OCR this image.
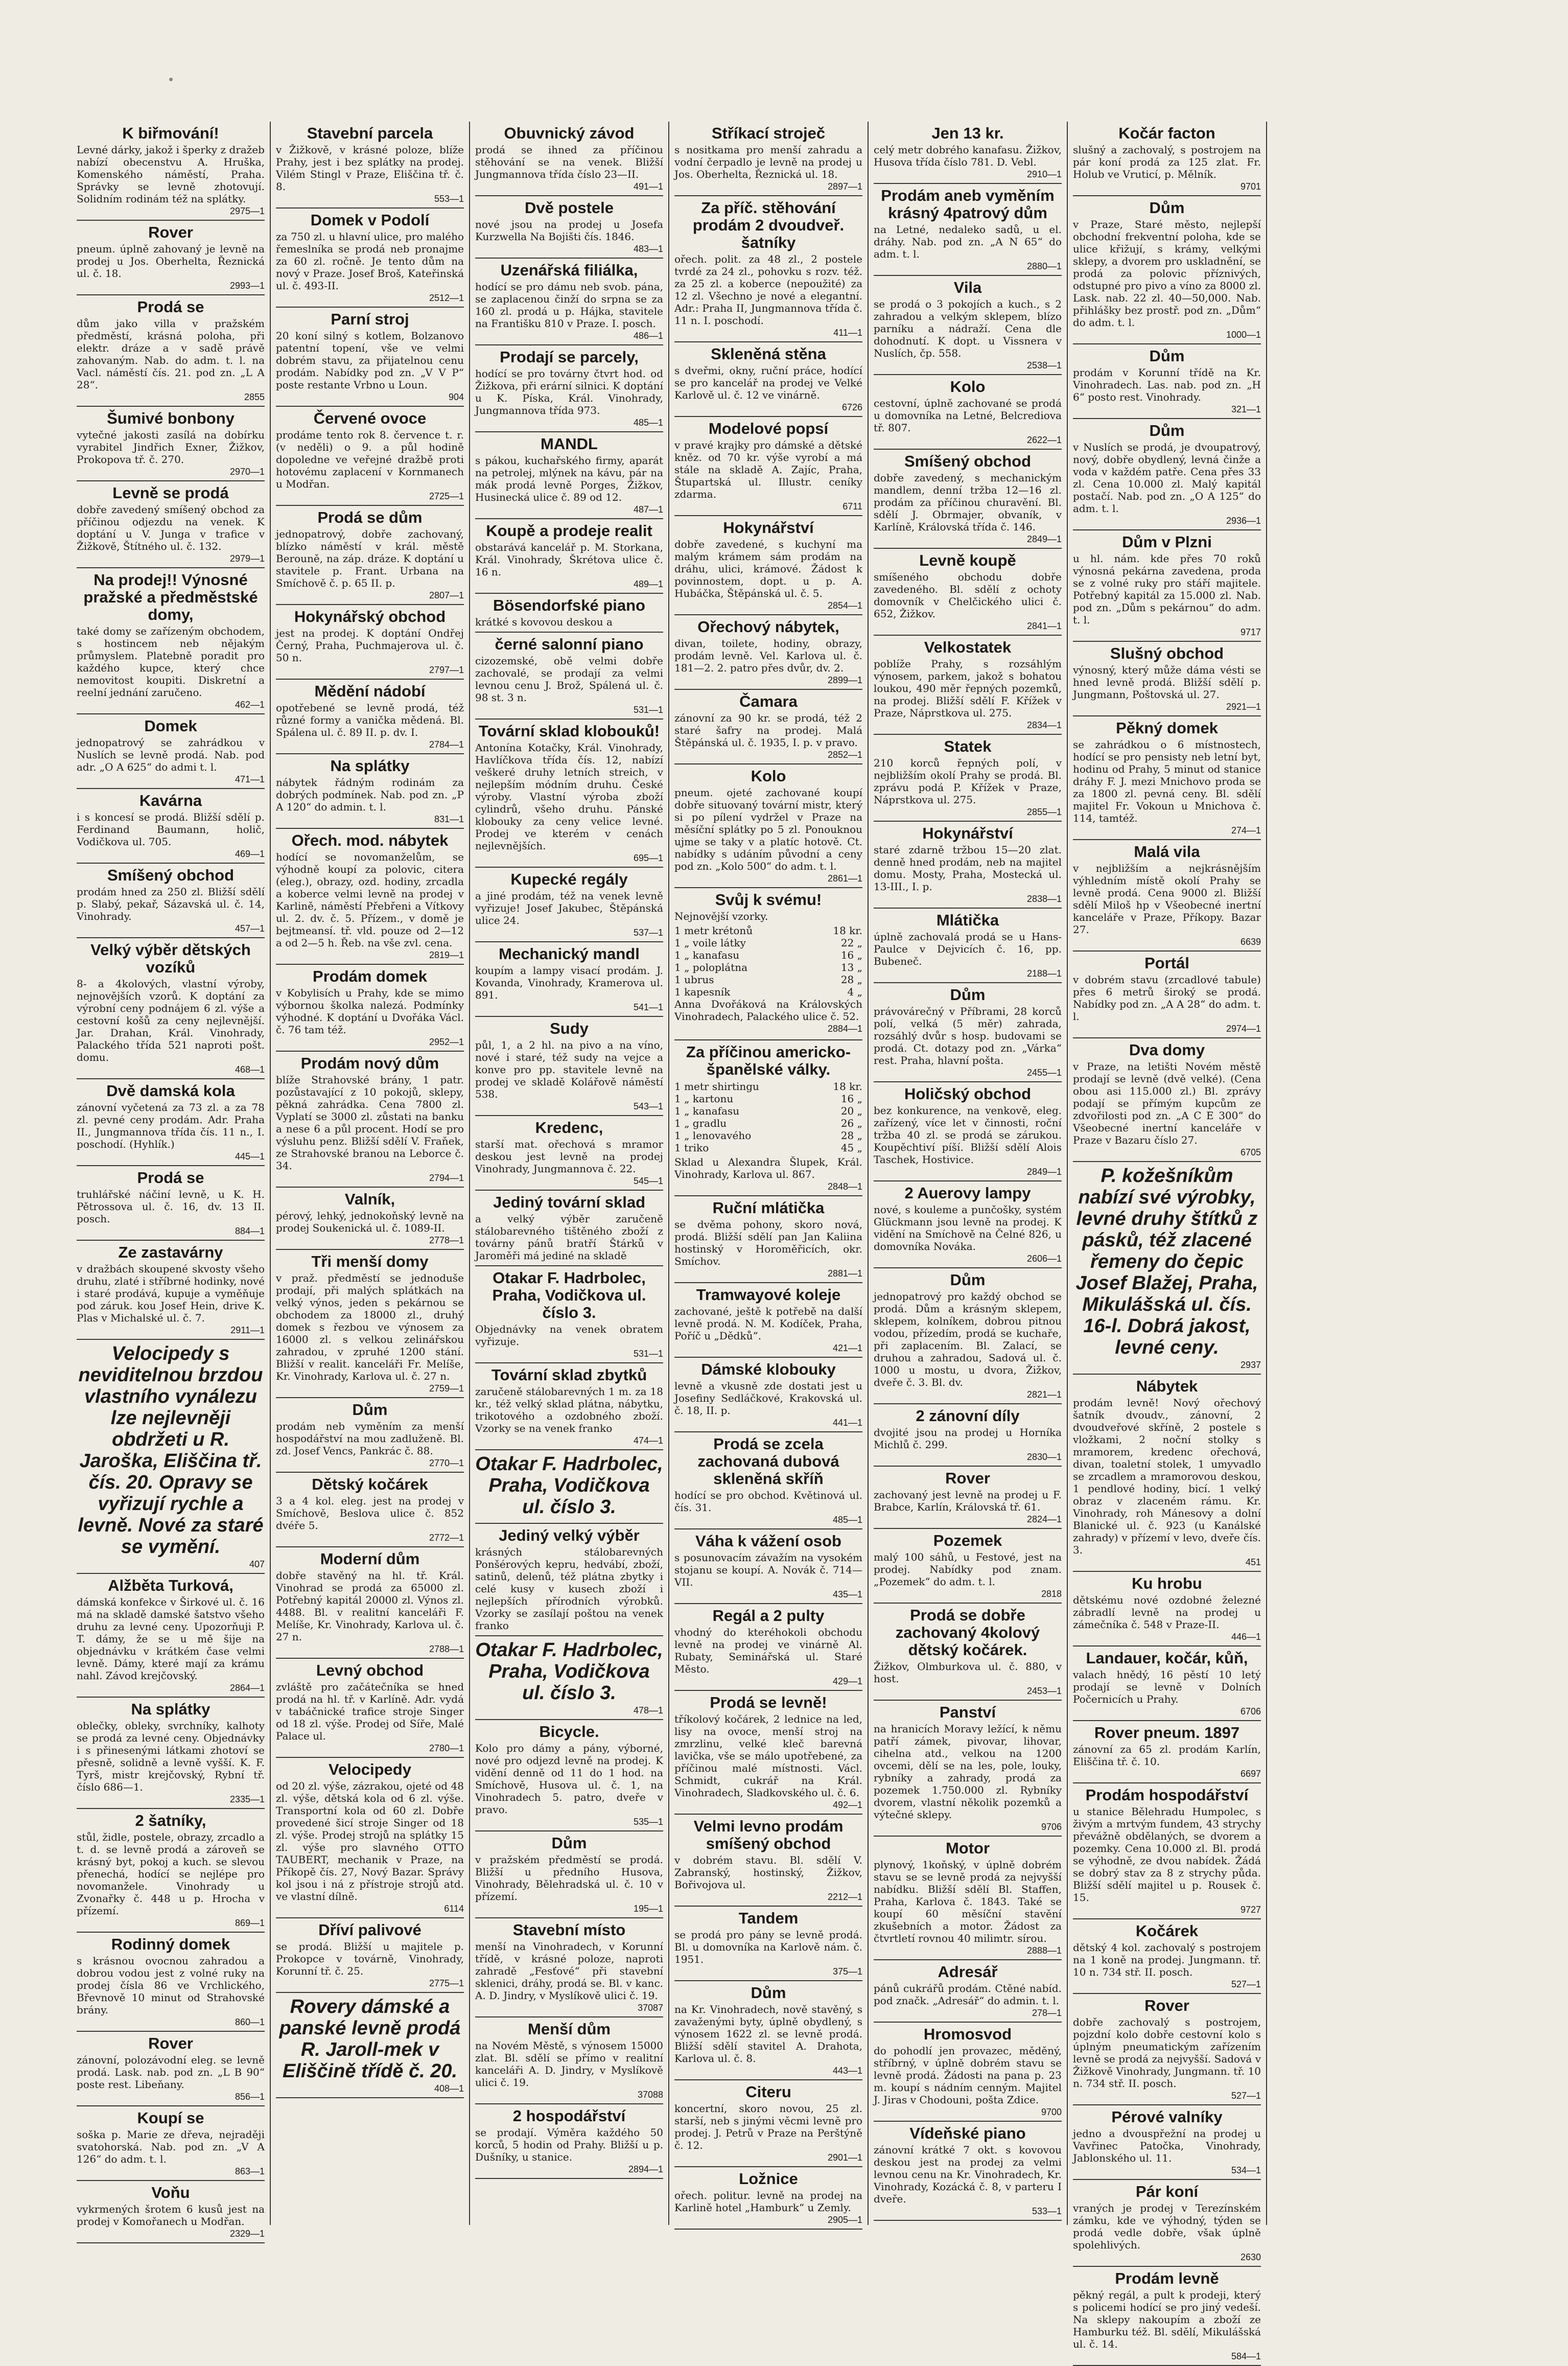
•
K biřmování!

Levné dárky, jakož i šperky z dražeb nabízí obecenstvu A. Hruška, Komenského náměstí, Praha. Správky se levně zhotovují. Solidním rodinám též na splátky.

2975—1
Rover

pneum. úplně zahovaný je levně na prodej u Jos. Oberhelta, Řeznická ul. č. 18.

2993—1
Prodá se

dům jako villa v pražském předměstí, krásná poloha, při elektr. dráze a v sadě právě zahovaným. Nab. do adm. t. l. na Vacl. náměstí čís. 21. pod zn. „L A 28“.

2855
Šumivé bonbony

vytečné jakosti zasílá na dobírku vyrabitel Jindřich Exner, Žižkov, Prokopova tř. č. 270.

2970—1
Levně se prodá

dobře zavedený smíšený obchod za příčinou odjezdu na venek. K doptání u V. Junga v trafice v Žižkově, Štítného ul. č. 132.

2979—1
Na prodej!! Výnosné pražské a předměstské domy,

také domy se zařízeným obchodem, s hostincem neb nějakým průmyslem. Platebně poradit pro každého kupce, který chce nemovitost koupiti. Diskretní a reelní jednání zaručeno.

462—1
Domek

jednopatrový se zahrádkou v Nuslích se levně prodá. Nab. pod adr. „O A 625“ do admi t. l.

471—1
Kavárna

i s koncesí se prodá. Bližší sdělí p. Ferdinand Baumann, holič, Vodičkova ul. 705.

469—1
Smíšený obchod

prodám hned za 250 zl. Bližší sdělí p. Slabý, pekař, Sázavská ul. č. 14, Vinohrady.

457—1
Velký výběr dětských vozíků

8- a 4kolových, vlastní výroby, nejnovějších vzorů. K doptání za výrobní ceny podnájem 6 zl. výše a cestovní košů za ceny nejlevnější. Jar. Drahan, Král. Vinohrady, Palackého třída 521 naproti pošt. domu.

468—1
Dvě damská kola

zánovní vyčetená za 73 zl. a za 78 zl. pevné ceny prodám. Adr. Praha II., Jungmannova třída čís. 11 n., I. poschodí. (Hyhlík.)

445—1
Prodá se

truhlářské náčiní levně, u K. H. Pětrossova ul. č. 16, dv. 13 II. posch.

884—1
Ze zastavárny

v dražbách skoupené skvosty všeho druhu, zlaté i stříbrné hodinky, nové i staré prodává, kupuje a vyměňuje pod záruk. kou Josef Hein, drive K. Plas v Michalské ul. č. 7.

2911—1
Velocipedy s neviditelnou brzdou vlastního vynálezu lze nejlevněji obdržeti u R. Jaroška, Eliščina tř. čís. 20. Opravy se vyřizují rychle a levně. Nové za staré se vymění.
407
Alžběta Turková,

dámská konfekce v Širkové ul. č. 16 má na skladě damské šatstvo všeho druhu za levné ceny. Upozorňuji P. T. dámy, že se u mě šije na objednávku v krátkém čase velmi levně. Dámy, které mají za krámu nahl. Závod krejčovský.

2864—1
Na splátky

oblečky, obleky, svrchníky, kalhoty se prodá za levné ceny. Objednávky i s přinesenými látkami zhotoví se přesně, solidně a levně vyšší. K. F. Tyrš, mistr krejčovský, Rybní tř. číslo 686—1.

2335—1
2 šatníky,

stůl, židle, postele, obrazy, zrcadlo a t. d. se levně prodá a zároveň se krásný byt, pokoj a kuch. se slevou přenechá, hodící se nejlépe pro novomanžele. Vinohrady u Zvonařky č. 448 u p. Hrocha v přízemí.

869—1
Rodinný domek

s krásnou ovocnou zahradou a dobrou vodou jest z volné ruky na prodej čísla 86 ve Vrchlického, Břevnově 10 minut od Strahovské brány.

860—1
Rover

zánovní, polozávodní eleg. se levně prodá. Lask. nab. pod zn. „L B 90“ poste rest. Libeňany.

856—1
Koupí se

soška p. Marie ze dřeva, nejraději svatohorská. Nab. pod zn. „V A 126“ do adm. t. l.

863—1
Voňu

vykrmených šrotem 6 kusů jest na prodej v Komořanech u Modřan.

2329—1
Stavební parcela

v Žižkově, v krásné poloze, blíže Prahy, jest i bez splátky na prodej. Vilém Stingl v Praze, Eliščina tř. č. 8.

553—1
Domek v Podolí

za 750 zl. u hlavní ulice, pro malého řemeslníka se prodá neb pronajme za 60 zl. ročně. Je tento dům na nový v Praze. Josef Broš, Kateřinská ul. č. 493-II.

2512—1
Parní stroj

20 koní silný s kotlem, Bolzanovo patentní topení, vše ve velmi dobrém stavu, za přijatelnou cenu prodám. Nabídky pod zn. „V V P“ poste restante Vrbno u Loun.

904
Červené ovoce

prodáme tento rok 8. července t. r. (v neděli) o 9. a půl hodině dopoledne ve veřejné dražbě proti hotovému zaplacení v Kornmanech u Modřan.

2725—1
Prodá se dům

jednopatrový, dobře zachovaný, blízko náměstí v král. městě Berouně, na záp. dráze. K doptání u stavitele p. Frant. Urbana na Smíchově č. p. 65 II. p.

2807—1
Hokynářský obchod

jest na prodej. K doptání Ondřej Černý, Praha, Puchmajerova ul. č. 50 n.

2797—1
Mědění nádobí

opotřebené se levně prodá, též různé formy a vanička mědená. Bl. Spálena ul. č. 89 II. p. dv. I.

2784—1
Na splátky

nábytek řádným rodinám za dobrých podmínek. Nab. pod zn. „P A 120“ do admin. t. l.

831—1
Ořech. mod. nábytek

hodící se novomanželům, se výhodně koupí za polovic, citera (eleg.), obrazy, ozd. hodiny, zrcadla a koberce velmi levně na prodej v Karlině, náměstí Přebřeni a Vítkovy ul. 2. dv. č. 5. Přízem., v domě je bejtmeansí. tř. vld. pouze od 2—12 a od 2—5 h. Řeb. na vše zvl. cena.

2819—1
Prodám domek

v Kobylisích u Prahy, kde se mimo výbornou školka nalezá. Podmínky výhodné. K doptání u Dvořáka Václ. č. 76 tam též.

2952—1
Prodám nový dům

blíže Strahovské brány, 1 patr. pozůstavající z 10 pokojů, sklepy, pěkná zahrádka. Cena 7800 zl. Vyplatí se 3000 zl. zůstati na banku a nese 6 a půl procent. Hodí se pro výsluhu penz. Bližší sdělí V. Fraňek, ze Strahovské branou na Leborce č. 34.

2794—1
Valník,

pérový, lehký, jednokoňský levně na prodej Soukenická ul. č. 1089-II.

2778—1
Tři menší domy

v praž. předměstí se jednoduše prodají, při malých splátkách na velký výnos, jeden s pekárnou se obchodem za 18000 zl., druhý domek s řezbou ve výnosem za 16000 zl. s velkou zelinářskou zahradou, v zpruhé 1200 stání. Bližší v realit. kanceláři Fr. Melíše, Kr. Vinohrady, Karlova ul. č. 27 n.

2759—1
Dům

prodám neb vyměním za menší hospodářství na mou zadluženě. Bl. zd. Josef Vencs, Pankrác č. 88.

2770—1
Dětský kočárek

3 a 4 kol. eleg. jest na prodej v Smíchově, Beslova ulice č. 852 dvéře 5.

2772—1
Moderní dům

dobře stavěný na hl. tř. Král. Vinohrad se prodá za 65000 zl. Potřebný kapitál 20000 zl. Výnos zl. 4488. Bl. v realitní kanceláři F. Melíše, Kr. Vinohrady, Karlova ul. č. 27 n.

2788—1
Levný obchod

zvláště pro začátečníka se hned prodá na hl. tř. v Karlíně. Adr. vydá v tabáčnické trafice stroje Singer od 18 zl. výše. Prodej od Síře, Malé Palace ul.

2780—1
Velocipedy

od 20 zl. výše, zázrakou, ojeté od 48 zl. výše, dětská kola od 6 zl. výše. Transportní kola od 60 zl. Dobře provedené šicí stroje Singer od 18 zl. výše. Prodej strojů na splátky 15 zl. výše pro slavného OTTO TAUBERT, mechanik v Praze, na Příkopě čís. 27, Nový Bazar. Správy kol jsou i ná z přístroje strojů atd. ve vlastní dílně.

6114
Dříví palivové

se prodá. Bližší u majitele p. Prokopce v továrně, Vinohrady, Korunní tř. č. 25.

2775—1
Rovery dámské a panské levně prodá R. Jaroll-mek v Eliščině třídě č. 20.
408—1
Obuvnický závod

prodá se ihned za příčinou stěhování se na venek. Bližší Jungmannova třída číslo 23—II.

491—1
Dvě postele

nové jsou na prodej u Josefa Kurzwella Na Bojišti čís. 1846.

483—1
Uzenářská filiálka,

hodící se pro dámu neb svob. pána, se zaplacenou činží do srpna se za 160 zl. prodá u p. Hájka, stavitele na Františku 810 v Praze. I. posch.

486—1
Prodají se parcely,

hodící se pro továrny čtvrt hod. od Žižkova, při erární silnici. K doptání u K. Píska, Král. Vinohrady, Jungmannova třída 973.

485—1
MANDL

s pákou, kuchařského firmy, aparát na petrolej, mlýnek na kávu, pár na mák prodá levně Porges, Žižkov, Husinecká ulice č. 89 od 12.

487—1
Koupě a prodeje realit

obstarává kancelář p. M. Storkana, Král. Vinohrady, Škrétova ulice č. 16 n.

489—1
Bösendorfské piano

krátké s kovovou deskou a

černé salonní piano

cizozemské, obě velmi dobře zachovalé, se prodají za velmi levnou cenu J. Brož, Spálená ul. č. 98 st. 3 n.

531—1
Tovární sklad klobouků!

Antonína Kotačky, Král. Vinohrady, Havlíčkova třída čís. 12, nabízí veškeré druhy letních streich, v nejlepším módním druhu. České výroby. Vlastní výroba zboží cylindrů, všeho druhu. Pánské klobouky za ceny velice levné. Prodej ve kterém v cenách nejlevnějších.

695—1
Kupecké regály

a jiné prodám, též na venek levně vyřizuje! Josef Jakubec, Štěpánská ulice 24.

537—1
Mechanický mandl

koupím a lampy visací prodám. J. Kovanda, Vinohrady, Kramerova ul. 891.

541—1
Sudy

půl, 1, a 2 hl. na pivo a na víno, nové i staré, též sudy na vejce a konve pro pp. stavitele levně na prodej ve skladě Kolářově náměstí 538.

543—1
Kredenc,

starší mat. ořechová s mramor deskou jest levně na prodej Vinohrady, Jungmannova č. 22.

545—1
Jediný tovární sklad

a velký výběr zaručeně stálobarevného tištěného zboží z továrny pánů bratří Štárků v Jaroměři má jediné na skladě

Otakar F. Hadrbolec, Praha, Vodičkova ul. číslo 3.

Objednávky na venek obratem vyřizuje.

531—1
Tovární sklad zbytků

zaručeně stálobarevných 1 m. za 18 kr., též velký sklad plátna, nábytku, trikotového a ozdobného zboží. Vzorky se na venek franko

474—1
Otakar F. Hadrbolec, Praha, Vodičkova ul. číslo 3.
Jediný velký výběr

krásných stálobarevných Ponšérových kepru, hedvábí, zboží, satinů, delenů, též plátna zbytky i celé kusy v kusech zboží i nejlepších přírodních výrobků. Vzorky se zasílají poštou na venek franko

Otakar F. Hadrbolec, Praha, Vodičkova ul. číslo 3.
478—1
Bicycle.

Kolo pro dámy a pány, výborné, nové pro odjezd levně na prodej. K vidění denně od 11 do 1 hod. na Smíchově, Husova ul. č. 1, na Vinohradech 5. patro, dveře v pravo.

535—1
Dům

v pražském předměstí se prodá. Bližší u předního Husova, Vinohrady, Bělehradská ul. č. 10 v přízemí.

195—1
Stavební místo

menší na Vinohradech, v Korunní třídě, v krásné poloze, naproti zahradě „Fesťové“ při stavební sklenici, dráhy, prodá se. Bl. v kanc. A. D. Jindry, v Myslíkově ulici č. 19.

37087
Menší dům

na Novém Městě, s výnosem 15000 zlat. Bl. sdělí se přímo v realitní kanceláři A. D. Jindry, v Myslíkově ulici č. 19.

37088
2 hospodářství

se prodají. Výměra každého 50 korců, 5 hodin od Prahy. Bližší u p. Dušníky, u stanice.

2894—1
Stříkací stroječ

s nositkama pro menší zahradu a vodní čerpadlo je levně na prodej u Jos. Oberhelta, Řeznická ul. 18.

2897—1
Za příč. stěhování prodám 2 dvoudveř. šatníky

ořech. polit. za 48 zl., 2 postele tvrdé za 24 zl., pohovku s rozv. též. za 25 zl. a koberce (nepoužité) za 12 zl. Všechno je nové a elegantní. Adr.: Praha II, Jungmannova třída č. 11 n. I. poschodí.

411—1
Skleněná stěna

s dveřmi, okny, ruční práce, hodící se pro kancelář na prodej ve Velké Karlově ul. č. 12 ve vinárně.

6726
Modelové popsí

v pravé krajky pro dámské a dětské kněz. od 70 kr. výše vyrobí a má stále na skladě A. Zajíc, Praha, Štupartská ul. Illustr. ceníky zdarma.

6711
Hokynářství

dobře zavedené, s kuchyní ma malým krámem sám prodám na dráhu, ulici, krámové. Žádost k povinnostem, dopt. u p. A. Hubáčka, Štěpánská ul. č. 5.

2854—1
Ořechový nábytek,

divan, toilete, hodiny, obrazy, prodám levně. Vel. Karlova ul. č. 181—2. 2. patro přes dvůr, dv. 2.

2899—1
Čamara

zánovní za 90 kr. se prodá, též 2 staré šafry na prodej. Malá Štěpánská ul. č. 1935, I. p. v pravo.

2852—1
Kolo

pneum. ojeté zachované koupí dobře situovaný tovární mistr, který si po pílení vydržel v Praze na měsíční splátky po 5 zl. Ponouknou ujme se taky v a platíc hotově. Ct. nabídky s udáním původní a ceny pod zn. „Kolo 500“ do adm. t. l.

2861—1
Svůj k svému!

Nejnovější vzorky.

1 metr krétonů	18 kr.
1 „ voile látky	22 „
1 „ kanafasu	16 „
1 „ poloplátna	13 „
1 ubrus	28 „
1 kapesník	4 „

Anna Dvořáková na Královských Vinohradech, Palackého ulice č. 52.

2884—1
Za příčinou americko-španělské války.
1 metr shirtingu	18 kr.
1 „ kartonu	16 „
1 „ kanafasu	20 „
1 „ gradlu	26 „
1 „ lenovavého	28 „
1 triko	45 „

Sklad u Alexandra Šlupek, Král. Vinohrady, Karlova ul. 867.

2848—1
Ruční mlátička

se dvěma pohony, skoro nová, prodá. Bližší sdělí pan Jan Kaliina hostinský v Horoměřicích, okr. Smíchov.

2881—1
Tramwayové koleje

zachované, ještě k potřebě na další levně prodá. N. M. Kodíček, Praha, Poříč u „Dědků“.

421—1
Dámské klobouky

levně a vkusně zde dostati jest u Josefiny Sedláčkové, Krakovská ul. č. 18, II. p.

441—1
Prodá se zcela zachovaná dubová skleněná skříň

hodící se pro obchod. Květinová ul. čís. 31.

485—1
Váha k vážení osob

s posunovacím závažím na vysokém stojanu se koupí. A. Novák č. 714—VII.

435—1
Regál a 2 pulty

vhodný do kteréhokoli obchodu levně na prodej ve vinárně Al. Rubaty, Seminářská ul. Staré Město.

429—1
Prodá se levně!

tříkolový kočárek, 2 lednice na led, lisy na ovoce, menší stroj na zmrzlinu, velké kleč barevná lavička, vše se málo upotřebené, za příčinou malé místnosti. Václ. Schmidt, cukrář na Král. Vinohradech, Sladkovského ul. č. 6.

492—1
Velmi levno prodám smíšený obchod

v dobrém stavu. Bl. sdělí V. Zabranský, hostinský, Žižkov, Bořivojova ul.

2212—1
Tandem

se prodá pro pány se levně prodá. Bl. u domovníka na Karlově nám. č. 1951.

375—1
Dům

na Kr. Vinohradech, nově stavěný, s zavaženými byty, úplně obydlený, s výnosem 1622 zl. se levně prodá. Bližší sdělí stavitel A. Drahota, Karlova ul. č. 8.

443—1
Citeru

koncertní, skoro novou, 25 zl. starší, neb s jinými věcmi levně pro prodej. J. Petrů v Praze na Perštýně č. 12.

2901—1
Ložnice

ořech. politur. levně na prodej na Karlině hotel „Hamburk“ u Zemly.

2905—1
Jen 13 kr.

celý metr dobrého kanafasu. Žižkov, Husova třída číslo 781. D. Vebl.

2910—1
Prodám aneb vyměním krásný 4patrový dům

na Letné, nedaleko sadů, u el. dráhy. Nab. pod zn. „A N 65“ do adm. t. l.

2880—1
Vila

se prodá o 3 pokojích a kuch., s 2 zahradou a velkým sklepem, blízo parníku a nádraží. Cena dle dohodnutí. K dopt. u Vissnera v Nuslích, čp. 558.

2538—1
Kolo

cestovní, úplně zachované se prodá u domovníka na Letné, Belcrediova tř. 807.

2622—1
Smíšený obchod

dobře zavedený, s mechanickým mandlem, denní tržba 12—16 zl. prodám za příčinou churavění. Bl. sdělí J. Obrmajer, obvaník, v Karlíně, Královská třída č. 146.

2849—1
Levně koupě

smíšeného obchodu dobře zavedeného. Bl. sdělí z ochoty domovník v Chelčického ulici č. 652, Žižkov.

2841—1
Velkostatek

poblíže Prahy, s rozsáhlým výnosem, parkem, jakož s bohatou loukou, 490 měr řepných pozemků, na prodej. Bližší sdělí F. Křížek v Praze, Náprstkova ul. 275.

2834—1
Statek

210 korců řepných polí, v nejbližším okolí Prahy se prodá. Bl. zprávu podá P. Křížek v Praze, Náprstkova ul. 275.

2855—1
Hokynářství

staré zdarně tržbou 15—20 zlat. denně hned prodám, neb na majitel domu. Mosty, Praha, Mostecká ul. 13-III., I. p.

2838—1
Mlátička

úplně zachovalá prodá se u Hans-Paulce v Dejvicích č. 16, pp. Bubeneč.

2188—1
Dům

právovárečný v Příbrami, 28 korců polí, velká (5 měr) zahrada, rozsáhlý dvůr s hosp. budovami se prodá. Ct. dotazy pod zn. „Várka“ rest. Praha, hlavní pošta.

2455—1
Holičský obchod

bez konkurence, na venkově, eleg. zařízený, více let v činnosti, roční tržba 40 zl. se prodá se zárukou. Koupěchtiví píší. Bližší sdělí Alois Taschek, Hostivice.

2849—1
2 Auerovy lampy

nové, s kouleme a punčošky, systém Glückmann jsou levně na prodej. K vidění na Smíchově na Čelné 826, u domovníka Nováka.

2606—1
Dům

jednopatrový pro každý obchod se prodá. Dům a krásným sklepem, sklepem, kolníkem, dobrou pitnou vodou, přízedím, prodá se kuchaře, při zaplacením. Bl. Zalací, se druhou a zahradou, Sadová ul. č. 1000 u mostu, u dvora, Žižkov, dveře č. 3. Bl. dv.

2821—1
2 zánovní díly

dvojité jsou na prodej u Horníka Michlů č. 299.

2830—1
Rover

zachovaný jest levně na prodej u F. Brabce, Karlín, Královská tř. 61.

2824—1
Pozemek

malý 100 sáhů, u Festové, jest na prodej. Nabídky pod znam. „Pozemek“ do adm. t. l.

2818
Prodá se dobře zachovaný 4kolový dětský kočárek.

Žižkov, Olmburkova ul. č. 880, v host.

2453—1
Panství

na hranicích Moravy ležící, k němu patří zámek, pivovar, lihovar, cihelna atd., velkou na 1200 ovcemi, dělí se na les, pole, louky, rybníky a zahrady, prodá za pozemek 1.750.000 zl. Rybníky dvorem, vlastní několik pozemků a výtečné sklepy.

9706
Motor

plynový, 1koňský, v úplně dobrém stavu se se levně prodá za nejvyšší nabídku. Bližší sdělí Bl. Staffen, Praha, Karlova č. 1843. Také se koupí 60 měsíční stavění zkušebních a motor. Žádost za čtvrtletí rovnou 40 milimtr. sírou.

2888—1
Adresář

pánů cukrářů prodám. Ctěné nabíd. pod značk. „Adresář“ do admin. t. l.

278—1
Hromosvod

do pohodlí jen provazec, měděný, stříbrný, v úplně dobrém stavu se levně prodá. Žádosti na pana p. 23 m. koupí s nádním cenným. Majitel J. Jiras v Chodouni, pošta Zdice.

9700
Vídeňské piano

zánovní krátké 7 okt. s kovovou deskou jest na prodej za velmi levnou cenu na Kr. Vinohradech, Kr. Vinohrady, Kozácká č. 8, v parteru I dveře.

533—1
Kočár facton

slušný a zachovalý, s postrojem na pár koní prodá za 125 zlat. Fr. Holub ve Vruticí, p. Mělník.

9701
Dům

v Praze, Staré město, nejlepší obchodní frekventní poloha, kde se ulice křižují, s krámy, velkými sklepy, a dvorem pro uskladnění, se prodá za polovic příznivých, odstupné pro pivo a víno za 8000 zl. Lask. nab. 22 zl. 40—50,000. Nab. přihlášky bez prostř. pod zn. „Dům“ do adm. t. l.

1000—1
Dům

prodám v Korunní třídě na Kr. Vinohradech. Las. nab. pod zn. „H 6“ posto rest. Vinohrady.

321—1
Dům

v Nuslích se prodá, je dvoupatrový, nový, dobře obydlený, levná činže a voda v každém patře. Cena přes 33 zl. Cena 10.000 zl. Malý kapitál postačí. Nab. pod zn. „O A 125“ do adm. t. l.

2936—1
Dům v Plzni

u hl. nám. kde přes 70 roků výnosná pekárna zavedena, proda se z volné ruky pro stáří majitele. Potřebný kapitál za 15.000 zl. Nab. pod zn. „Dům s pekárnou“ do adm. t. l.

9717
Slušný obchod

výnosný, který může dáma vésti se hned levně prodá. Bližší sdělí p. Jungmann, Poštovská ul. 27.

2921—1
Pěkný domek

se zahrádkou o 6 místnostech, hodící se pro pensisty neb letní byt, hodinu od Prahy, 5 minut od stanice dráhy F. J. mezi Mnichovo proda se za 1800 zl. pevná ceny. Bl. sdělí majitel Fr. Vokoun u Mnichova č. 114, tamtéž.

274—1
Malá vila

v nejbližším a nejkrásnějším výhledním místě okolí Prahy se levně prodá. Cena 9000 zl. Bližší sdělí Miloš hp v Všeobecné inertní kanceláře v Praze, Příkopy. Bazar 27.

6639
Portál

v dobrém stavu (zrcadlové tabule) přes 6 metrů široký se prodá. Nabídky pod zn. „A A 28“ do adm. t. l.

2974—1
Dva domy

v Praze, na letišti Novém městě prodají se levně (dvě velké). (Cena obou asi 115.000 zl.) Bl. zprávy podají se přímým kupcům ze zdvořilosti pod zn. „A C E 300“ do Všeobecné inertní kanceláře v Praze v Bazaru číslo 27.

6705
P. kožešníkům nabízí své výrobky, levné druhy štítků z pásků, též zlacené řemeny do čepic Josef Blažej, Praha, Mikulášská ul. čís. 16-l. Dobrá jakost, levné ceny.
2937
Nábytek

prodám levně! Nový ořechový šatník dvoudv., zánovní, 2 dvoudveřové skříně, 2 postele s vložkami, 2 noční stolky s mramorem, kredenc ořechová, divan, toaletní stolek, 1 umyvadlo se zrcadlem a mramorovou deskou, 1 pendlové hodiny, bicí. 1 velký obraz v zlaceném rámu. Kr. Vinohrady, roh Mánesovy a dolní Blanické ul. č. 923 (u Kanálské zahrady) v přízemí v levo, dveře čís. 3.

451
Ku hrobu

dětskému nové ozdobné železné zábradlí levně na prodej u zámečníka č. 548 v Praze-II.

446—1
Landauer, kočár, kůň,

valach hnědý, 16 pěstí 10 letý prodají se levně v Dolních Počernicích u Prahy.

6706
Rover pneum. 1897

zánovní za 65 zl. prodám Karlín, Eliščina tř. č. 10.

6697
Prodám hospodářství

u stanice Bělehradu Humpolec, s živým a mrtvým fundem, 43 strychy převážně obdělaných, se dvorem a pozemky. Cena 10.000 zl. Bl. prodá se výhodně, ze dvou nabídek. Žádá se dobrý stav za 8 z strychy půda. Bližší sdělí majitel u p. Rousek č. 15.

9727
Kočárek

dětský 4 kol. zachovalý s postrojem na 1 koně na prodej. Jungmann. tř. 10 n. 734 stř. II. posch.

527—1
Rover

dobře zachovalý s postrojem, pojzdní kolo dobře cestovní kolo s úplným pneumatickým zařízením levně se prodá za nejvyšší. Sadová v Žižkově Vinohrady, Jungmann. tř. 10 n. 734 stř. II. posch.

527—1
Pérové valníky

jedno a dvouspřežní na prodej u Vavřinec Patočka, Vinohrady, Jablonského ul. 11.

534—1
Pár koní

vraných je prodej v Terezínském zámku, kde ve výhodný, týden se prodá vedle dobře, však úplně spolehlivých.

2630
Prodám levně

pěkný regál, a pult k prodeji, který s policemi hodící se pro jiný vedeší. Na sklepy nakoupím a zboží ze Hamburku též. Bl. sdělí, Mikulášská ul. č. 14.

584—1
